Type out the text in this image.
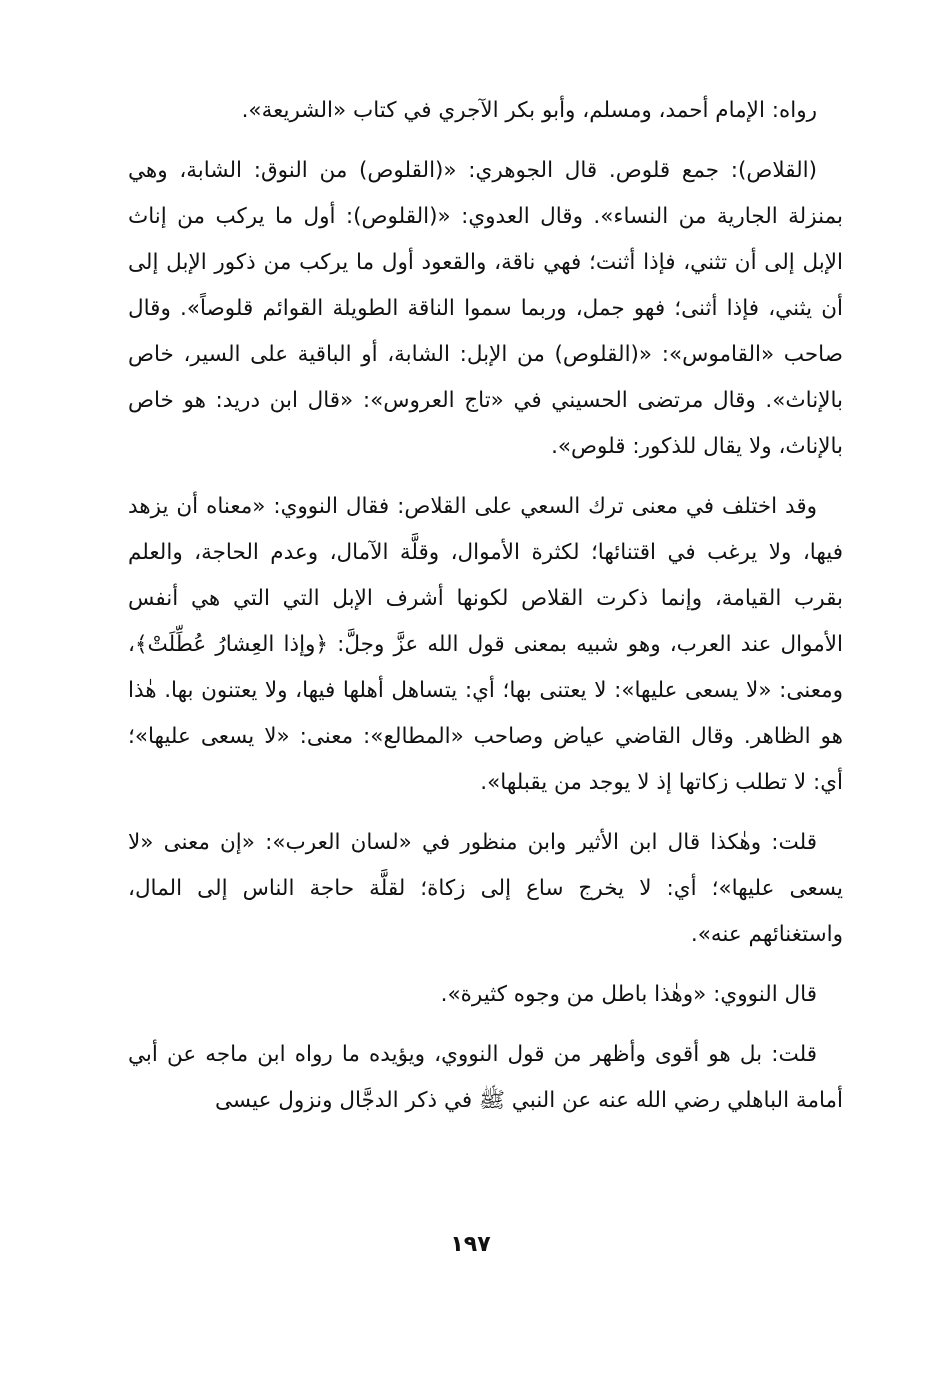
رواه: الإمام أحمد، ومسلم، وأبو بكر الآجري في كتاب «الشريعة».

(القلاص): جمع قلوص. قال الجوهري: «(القلوص) من النوق: الشابة، وهي بمنزلة الجارية من النساء». وقال العدوي: «(القلوص): أول ما يركب من إناث الإبل إلى أن تثني، فإذا أثنت؛ فهي ناقة، والقعود أول ما يركب من ذكور الإبل إلى أن يثني، فإذا أثنى؛ فهو جمل، وربما سموا الناقة الطويلة القوائم قلوصاً». وقال صاحب «القاموس»: «(القلوص) من الإبل: الشابة، أو الباقية على السير، خاص بالإناث». وقال مرتضى الحسيني في «تاج العروس»: «قال ابن دريد: هو خاص بالإناث، ولا يقال للذكور: قلوص».

وقد اختلف في معنى ترك السعي على القلاص: فقال النووي: «معناه أن يزهد فيها، ولا يرغب في اقتنائها؛ لكثرة الأموال، وقلَّة الآمال، وعدم الحاجة، والعلم بقرب القيامة، وإنما ذكرت القلاص لكونها أشرف الإبل التي التي هي أنفس الأموال عند العرب، وهو شبيه بمعنى قول الله عزَّ وجلَّ: ﴿وإذا العِشارُ عُطِّلَتْ﴾، ومعنى: «لا يسعى عليها»: لا يعتنى بها؛ أي: يتساهل أهلها فيها، ولا يعتنون بها. هٰذا هو الظاهر. وقال القاضي عياض وصاحب «المطالع»: معنى: «لا يسعى عليها»؛ أي: لا تطلب زكاتها إذ لا يوجد من يقبلها».

قلت: وهٰكذا قال ابن الأثير وابن منظور في «لسان العرب»: «إن معنى «لا يسعى عليها»؛ أي: لا يخرج ساع إلى زكاة؛ لقلَّة حاجة الناس إلى المال، واستغنائهم عنه».

قال النووي: «وهٰذا باطل من وجوه كثيرة».

قلت: بل هو أقوى وأظهر من قول النووي، ويؤيده ما رواه ابن ماجه عن أبي أمامة الباهلي رضي الله عنه عن النبي ﷺ في ذكر الدجَّال ونزول عيسى

١٩٧
